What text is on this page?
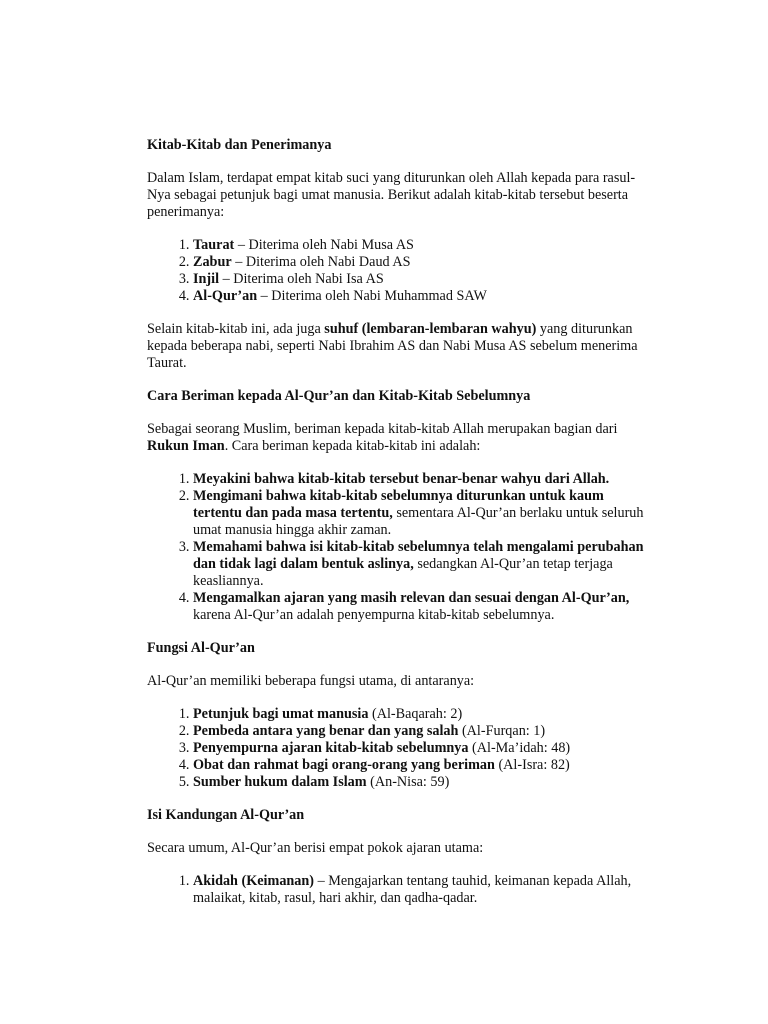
Kitab-Kitab dan Penerimanya

Dalam Islam, terdapat empat kitab suci yang diturunkan oleh Allah kepada para rasul-Nya sebagai petunjuk bagi umat manusia. Berikut adalah kitab-kitab tersebut beserta penerimanya:

1. Taurat – Diterima oleh Nabi Musa AS
2. Zabur – Diterima oleh Nabi Daud AS
3. Injil – Diterima oleh Nabi Isa AS
4. Al-Qur’an – Diterima oleh Nabi Muhammad SAW

Selain kitab-kitab ini, ada juga suhuf (lembaran-lembaran wahyu) yang diturunkan kepada beberapa nabi, seperti Nabi Ibrahim AS dan Nabi Musa AS sebelum menerima Taurat.

Cara Beriman kepada Al-Qur’an dan Kitab-Kitab Sebelumnya

Sebagai seorang Muslim, beriman kepada kitab-kitab Allah merupakan bagian dari Rukun Iman. Cara beriman kepada kitab-kitab ini adalah:

1. Meyakini bahwa kitab-kitab tersebut benar-benar wahyu dari Allah.
2. Mengimani bahwa kitab-kitab sebelumnya diturunkan untuk kaum tertentu dan pada masa tertentu, sementara Al-Qur’an berlaku untuk seluruh umat manusia hingga akhir zaman.
3. Memahami bahwa isi kitab-kitab sebelumnya telah mengalami perubahan dan tidak lagi dalam bentuk aslinya, sedangkan Al-Qur’an tetap terjaga keasliannya.
4. Mengamalkan ajaran yang masih relevan dan sesuai dengan Al-Qur’an, karena Al-Qur’an adalah penyempurna kitab-kitab sebelumnya.
Fungsi Al-Qur’an

Al-Qur’an memiliki beberapa fungsi utama, di antaranya:

1. Petunjuk bagi umat manusia (Al-Baqarah: 2)
2. Pembeda antara yang benar dan yang salah (Al-Furqan: 1)
3. Penyempurna ajaran kitab-kitab sebelumnya (Al-Ma’idah: 48)
4. Obat dan rahmat bagi orang-orang yang beriman (Al-Isra: 82)
5. Sumber hukum dalam Islam (An-Nisa: 59)
Isi Kandungan Al-Qur’an

Secara umum, Al-Qur’an berisi empat pokok ajaran utama:

1. Akidah (Keimanan) – Mengajarkan tentang tauhid, keimanan kepada Allah, malaikat, kitab, rasul, hari akhir, dan qadha-qadar.
